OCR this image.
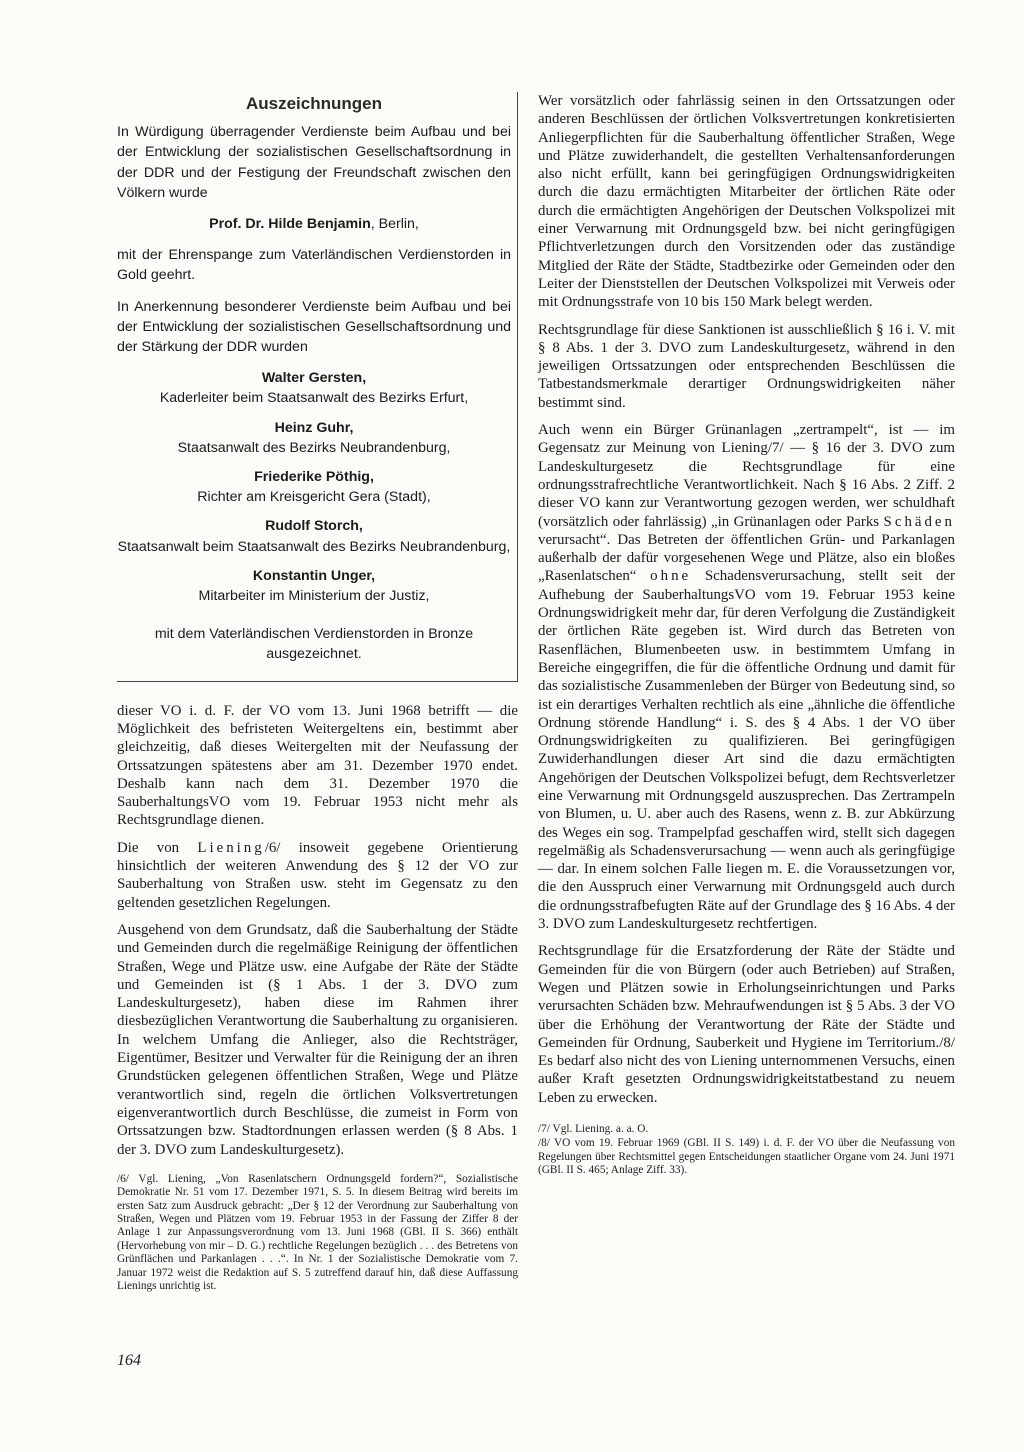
Auszeichnungen

In Würdigung überragender Verdienste beim Aufbau und bei der Entwicklung der sozialistischen Gesellschaftsordnung in der DDR und der Festigung der Freundschaft zwischen den Völkern wurde

Prof. Dr. Hilde Benjamin, Berlin,

mit der Ehrenspange zum Vaterländischen Verdienstorden in Gold geehrt.

In Anerkennung besonderer Verdienste beim Aufbau und bei der Entwicklung der sozialistischen Gesellschaftsordnung und der Stärkung der DDR wurden

Walter Gersten,
Kaderleiter beim Staatsanwalt des Bezirks Erfurt,
Heinz Guhr,
Staatsanwalt des Bezirks Neubrandenburg,
Friederike Pöthig,
Richter am Kreisgericht Gera (Stadt),
Rudolf Storch,
Staatsanwalt beim Staatsanwalt des Bezirks Neubrandenburg,
Konstantin Unger,
Mitarbeiter im Ministerium der Justiz,

mit dem Vaterländischen Verdienstorden in Bronze ausgezeichnet.

dieser VO i. d. F. der VO vom 13. Juni 1968 betrifft — die Möglichkeit des befristeten Weitergeltens ein, bestimmt aber gleichzeitig, daß dieses Weitergelten mit der Neufassung der Ortssatzungen spätestens aber am 31. Dezember 1970 endet. Deshalb kann nach dem 31. Dezember 1970 die SauberhaltungsVO vom 19. Februar 1953 nicht mehr als Rechtsgrundlage dienen.

Die von Liening/6/ insoweit gegebene Orientierung hinsichtlich der weiteren Anwendung des § 12 der VO zur Sauberhaltung von Straßen usw. steht im Gegensatz zu den geltenden gesetzlichen Regelungen.

Ausgehend von dem Grundsatz, daß die Sauberhaltung der Städte und Gemeinden durch die regelmäßige Reinigung der öffentlichen Straßen, Wege und Plätze usw. eine Aufgabe der Räte der Städte und Gemeinden ist (§ 1 Abs. 1 der 3. DVO zum Landeskulturgesetz), haben diese im Rahmen ihrer diesbezüglichen Verantwortung die Sauberhaltung zu organisieren. In welchem Umfang die Anlieger, also die Rechtsträger, Eigentümer, Besitzer und Verwalter für die Reinigung der an ihren Grundstücken gelegenen öffentlichen Straßen, Wege und Plätze verantwortlich sind, regeln die örtlichen Volksvertretungen eigenverantwortlich durch Beschlüsse, die zumeist in Form von Ortssatzungen bzw. Stadtordnungen erlassen werden (§ 8 Abs. 1 der 3. DVO zum Landeskulturgesetz).

/6/ Vgl. Liening, „Von Rasenlatschern Ordnungsgeld fordern?“, Sozialistische Demokratie Nr. 51 vom 17. Dezember 1971, S. 5. In diesem Beitrag wird bereits im ersten Satz zum Ausdruck gebracht: „Der § 12 der Verordnung zur Sauberhaltung von Straßen, Wegen und Plätzen vom 19. Februar 1953 in der Fassung der Ziffer 8 der Anlage 1 zur Anpassungsverordnung vom 13. Juni 1968 (GBl. II S. 366) enthält (Hervorhebung von mir – D. G.) rechtliche Regelungen bezüglich . . . des Betretens von Grünflächen und Parkanlagen . . .“. In Nr. 1 der Sozialistische Demokratie vom 7. Januar 1972 weist die Redaktion auf S. 5 zutreffend darauf hin, daß diese Auffassung Lienings unrichtig ist.

164

Wer vorsätzlich oder fahrlässig seinen in den Ortssatzungen oder anderen Beschlüssen der örtlichen Volksvertretungen konkretisierten Anliegerpflichten für die Sauberhaltung öffentlicher Straßen, Wege und Plätze zuwiderhandelt, die gestellten Verhaltensanforderungen also nicht erfüllt, kann bei geringfügigen Ordnungswidrigkeiten durch die dazu ermächtigten Mitarbeiter der örtlichen Räte oder durch die ermächtigten Angehörigen der Deutschen Volkspolizei mit einer Verwarnung mit Ordnungsgeld bzw. bei nicht geringfügigen Pflichtverletzungen durch den Vorsitzenden oder das zuständige Mitglied der Räte der Städte, Stadtbezirke oder Gemeinden oder den Leiter der Dienststellen der Deutschen Volkspolizei mit Verweis oder mit Ordnungsstrafe von 10 bis 150 Mark belegt werden.

Rechtsgrundlage für diese Sanktionen ist ausschließlich § 16 i. V. mit § 8 Abs. 1 der 3. DVO zum Landeskulturgesetz, während in den jeweiligen Ortssatzungen oder entsprechenden Beschlüssen die Tatbestandsmerkmale derartiger Ordnungswidrigkeiten näher bestimmt sind.

Auch wenn ein Bürger Grünanlagen „zertrampelt“, ist — im Gegensatz zur Meinung von Liening/7/ — § 16 der 3. DVO zum Landeskulturgesetz die Rechtsgrundlage für eine ordnungsstrafrechtliche Verantwortlichkeit. Nach § 16 Abs. 2 Ziff. 2 dieser VO kann zur Verantwortung gezogen werden, wer schuldhaft (vorsätzlich oder fahrlässig) „in Grünanlagen oder Parks Schäden verursacht“. Das Betreten der öffentlichen Grün- und Parkanlagen außerhalb der dafür vorgesehenen Wege und Plätze, also ein bloßes „Rasenlatschen“ ohne Schadensverursachung, stellt seit der Aufhebung der SauberhaltungsVO vom 19. Februar 1953 keine Ordnungswidrigkeit mehr dar, für deren Verfolgung die Zuständigkeit der örtlichen Räte gegeben ist. Wird durch das Betreten von Rasenflächen, Blumenbeeten usw. in bestimmtem Umfang in Bereiche eingegriffen, die für die öffentliche Ordnung und damit für das sozialistische Zusammenleben der Bürger von Bedeutung sind, so ist ein derartiges Verhalten rechtlich als eine „ähnliche die öffentliche Ordnung störende Handlung“ i. S. des § 4 Abs. 1 der VO über Ordnungswidrigkeiten zu qualifizieren. Bei geringfügigen Zuwiderhandlungen dieser Art sind die dazu ermächtigten Angehörigen der Deutschen Volkspolizei befugt, dem Rechtsverletzer eine Verwarnung mit Ordnungsgeld auszusprechen. Das Zertrampeln von Blumen, u. U. aber auch des Rasens, wenn z. B. zur Abkürzung des Weges ein sog. Trampelpfad geschaffen wird, stellt sich dagegen regelmäßig als Schadensverursachung — wenn auch als geringfügige — dar. In einem solchen Falle liegen m. E. die Voraussetzungen vor, die den Ausspruch einer Verwarnung mit Ordnungsgeld auch durch die ordnungsstrafbefugten Räte auf der Grundlage des § 16 Abs. 4 der 3. DVO zum Landeskulturgesetz rechtfertigen.

Rechtsgrundlage für die Ersatzforderung der Räte der Städte und Gemeinden für die von Bürgern (oder auch Betrieben) auf Straßen, Wegen und Plätzen sowie in Erholungseinrichtungen und Parks verursachten Schäden bzw. Mehraufwendungen ist § 5 Abs. 3 der VO über die Erhöhung der Verantwortung der Räte der Städte und Gemeinden für Ordnung, Sauberkeit und Hygiene im Territorium./8/ Es bedarf also nicht des von Liening unternommenen Versuchs, einen außer Kraft gesetzten Ordnungswidrigkeitstatbestand zu neuem Leben zu erwecken.

/7/ Vgl. Liening. a. a. O.

/8/ VO vom 19. Februar 1969 (GBl. II S. 149) i. d. F. der VO über die Neufassung von Regelungen über Rechtsmittel gegen Entscheidungen staatlicher Organe vom 24. Juni 1971 (GBl. II S. 465; Anlage Ziff. 33).
